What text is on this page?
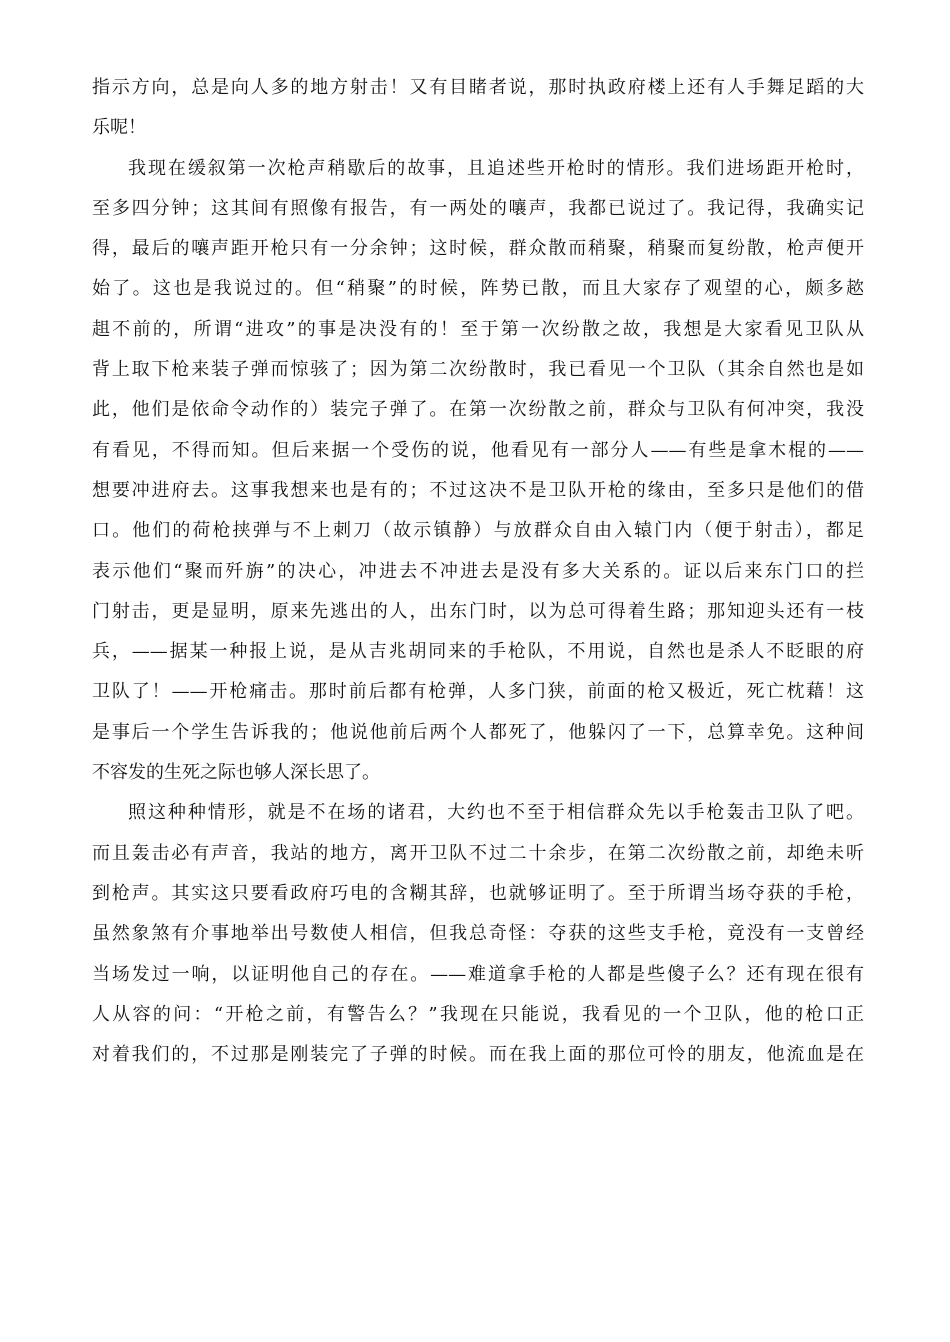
指示方向，总是向人多的地方射击！又有目睹者说，那时执政府楼上还有人手舞足蹈的大
乐呢！
我现在缓叙第一次枪声稍歇后的故事，且追述些开枪时的情形。我们进场距开枪时，
至多四分钟；这其间有照像有报告，有一两处的嚷声，我都已说过了。我记得，我确实记
得，最后的嚷声距开枪只有一分余钟；这时候，群众散而稍聚，稍聚而复纷散，枪声便开
始了。这也是我说过的。但“稍聚”的时候，阵势已散，而且大家存了观望的心，颇多趑
趄不前的，所谓“进攻”的事是决没有的！至于第一次纷散之故，我想是大家看见卫队从
背上取下枪来装子弹而惊骇了；因为第二次纷散时，我已看见一个卫队（其余自然也是如
此，他们是依命令动作的）装完子弹了。在第一次纷散之前，群众与卫队有何冲突，我没
有看见，不得而知。但后来据一个受伤的说，他看见有一部分人——有些是拿木棍的——
想要冲进府去。这事我想来也是有的；不过这决不是卫队开枪的缘由，至多只是他们的借
口。他们的荷枪挟弹与不上刺刀（故示镇静）与放群众自由入辕门内（便于射击），都足
表示他们“聚而歼旃”的决心，冲进去不冲进去是没有多大关系的。证以后来东门口的拦
门射击，更是显明，原来先逃出的人，出东门时，以为总可得着生路；那知迎头还有一枝
兵，——据某一种报上说，是从吉兆胡同来的手枪队，不用说，自然也是杀人不眨眼的府
卫队了！——开枪痛击。那时前后都有枪弹，人多门狭，前面的枪又极近，死亡枕藉！这
是事后一个学生告诉我的；他说他前后两个人都死了，他躲闪了一下，总算幸免。这种间
不容发的生死之际也够人深长思了。
照这种种情形，就是不在场的诸君，大约也不至于相信群众先以手枪轰击卫队了吧。
而且轰击必有声音，我站的地方，离开卫队不过二十余步，在第二次纷散之前，却绝未听
到枪声。其实这只要看政府巧电的含糊其辞，也就够证明了。至于所谓当场夺获的手枪，
虽然象煞有介事地举出号数使人相信，但我总奇怪：夺获的这些支手枪，竟没有一支曾经
当场发过一响，以证明他自己的存在。——难道拿手枪的人都是些傻子么？还有现在很有
人从容的问：“开枪之前，有警告么？”我现在只能说，我看见的一个卫队，他的枪口正
对着我们的，不过那是刚装完了子弹的时候。而在我上面的那位可怜的朋友，他流血是在
